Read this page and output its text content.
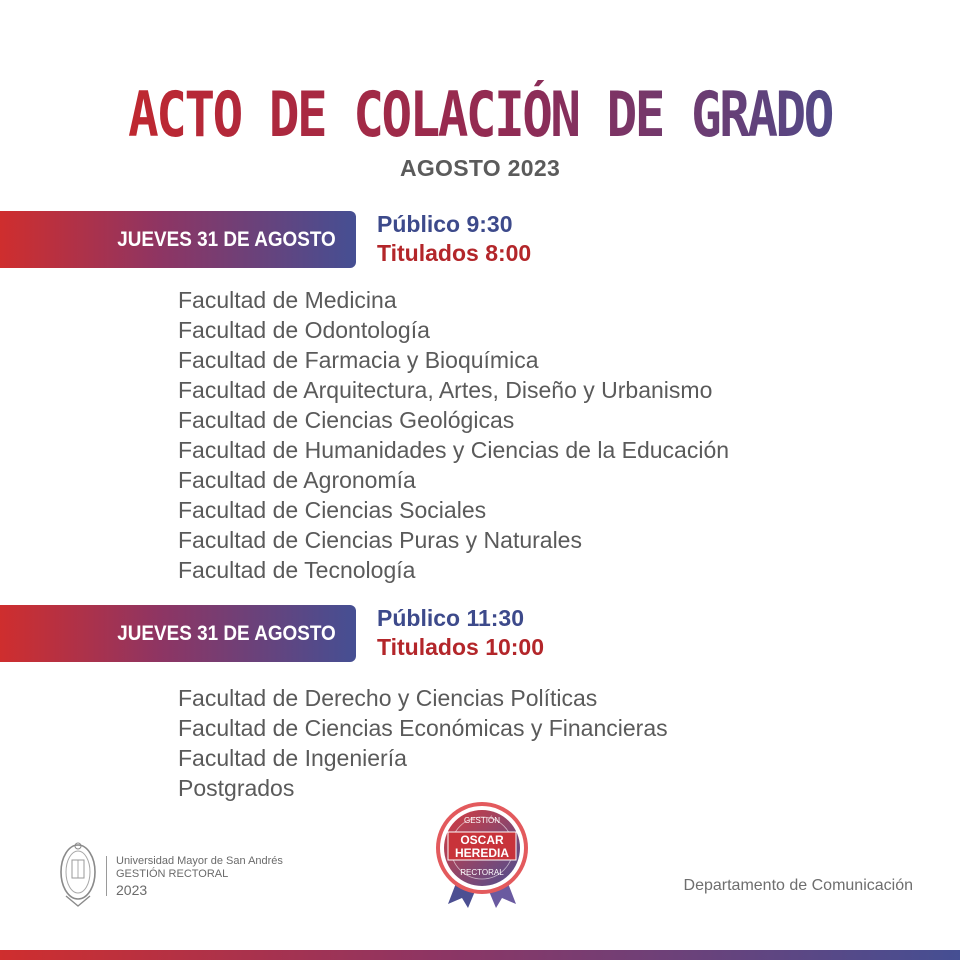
ACTO DE COLACIÓN DE GRADO
AGOSTO 2023
JUEVES 31 DE AGOSTO
Público 9:30
Titulados 8:00
Facultad de Medicina
Facultad de Odontología
Facultad de Farmacia y Bioquímica
Facultad de Arquitectura, Artes, Diseño y Urbanismo
Facultad de Ciencias Geológicas
Facultad de Humanidades y Ciencias de la Educación
Facultad de Agronomía
Facultad de Ciencias Sociales
Facultad de Ciencias Puras y Naturales
Facultad de Tecnología
JUEVES 31 DE AGOSTO
Público 11:30
Titulados 10:00
Facultad de Derecho y Ciencias Políticas
Facultad de Ciencias Económicas y Financieras
Facultad de Ingeniería
Postgrados
Universidad Mayor de San Andrés
GESTIÓN RECTORAL
2023
GESTIÓN
OSCAR
HEREDIA
RECTORAL
Departamento de Comunicación
